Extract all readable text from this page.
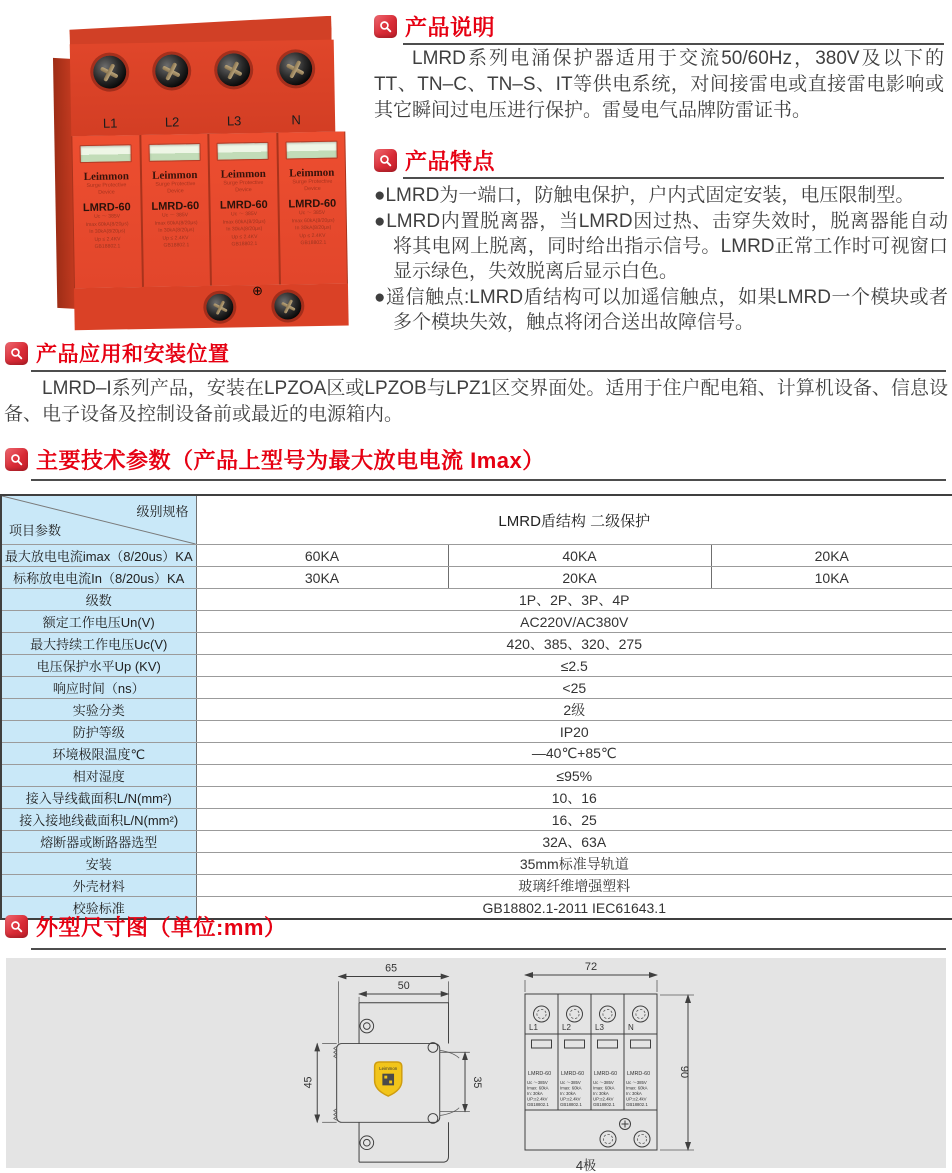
L1	L2	L3	N
Leimmon
Surge Protective
Device
LMRD-60
Uc ～ 385V
Imax 60kA(8/20μs)
In 30kA(8/20μs)
Up ≤ 2.4KV
GB18802.1
Leimmon
Surge Protective
Device
LMRD-60
Uc ～ 385V
Imax 60kA(8/20μs)
In 30kA(8/20μs)
Up ≤ 2.4KV
GB18802.1
Leimmon
Surge Protective
Device
LMRD-60
Uc ～ 385V
Imax 60kA(8/20μs)
In 30kA(8/20μs)
Up ≤ 2.4KV
GB18802.1
Leimmon
Surge Protective
Device
LMRD-60
Uc ～ 385V
Imax 60kA(8/20μs)
In 30kA(8/20μs)
Up ≤ 2.4KV
GB18802.1
⊕
产品说明

LMRD系列电涌保护器适用于交流50/60Hz，380V及以下的TT、TN–C、TN–S、IT等供电系统，对间接雷电或直接雷电影响或其它瞬间过电压进行保护。雷曼电气品牌防雷证书。

产品特点

● LMRD为一端口，防触电保护，户内式固定安装，电压限制型。

● LMRD内置脱离器，当LMRD因过热、击穿失效时，脱离器能自动将其电网上脱离，同时给出指示信号。LMRD正常工作时可视窗口显示绿色，失效脱离后显示白色。

● 遥信触点:LMRD盾结构可以加遥信触点，如果LMRD一个模块或者多个模块失效，触点将闭合送出故障信号。

产品应用和安装位置

LMRD–I系列产品，安装在LPZOA区或LPZOB与LPZ1区交界面处。适用于住户配电箱、计算机设备、信息设备、电子设备及控制设备前或最近的电源箱内。

主要技术参数（产品上型号为最大放电电流 Imax）
级别规格
项目参数	LMRD盾结构 二级保护		
最大放电电流imax（8/20us）KA	60KA	40KA	20KA
标称放电电流In（8/20us）KA	30KA	20KA	10KA
级数	1P、2P、3P、4P		
额定工作电压Un(V)	AC220V/AC380V		
最大持续工作电压Uc(V)	420、385、320、275		
电压保护水平Up (KV)	≤2.5		
响应时间（ns）	<25		
实验分类	2级		
防护等级	IP20		
环境极限温度℃	—40℃+85℃		
相对湿度	≤95%		
接入导线截面积L/N(mm²)	10、16		
接入接地线截面积L/N(mm²)	16、25		
熔断器或断路器选型	32A、63A		
安装	35mm标准导轨道		
外壳材料	玻璃纤维增强塑料		
校验标准	GB18802.1-2011 IEC61643.1		
外型尺寸图（单位:mm）
65
50
Leimmon
45	35
72
L1
LMRD-60
Uc ～385V
Imax: 60kA
In: 30kA
UP:≤2.4kV
GB18802.1
L2
LMRD-60
Uc ～385V
Imax: 60kA
In: 30kA
UP:≤2.4kV
GB18802.1
L3
LMRD-60
Uc ～385V
Imax: 60kA
In: 30kA
UP:≤2.4kV
GB18802.1
N
LMRD-60
Uc ～385V
Imax: 60kA
In: 30kA
UP:≤2.4kV
GB18802.1
90
4极
